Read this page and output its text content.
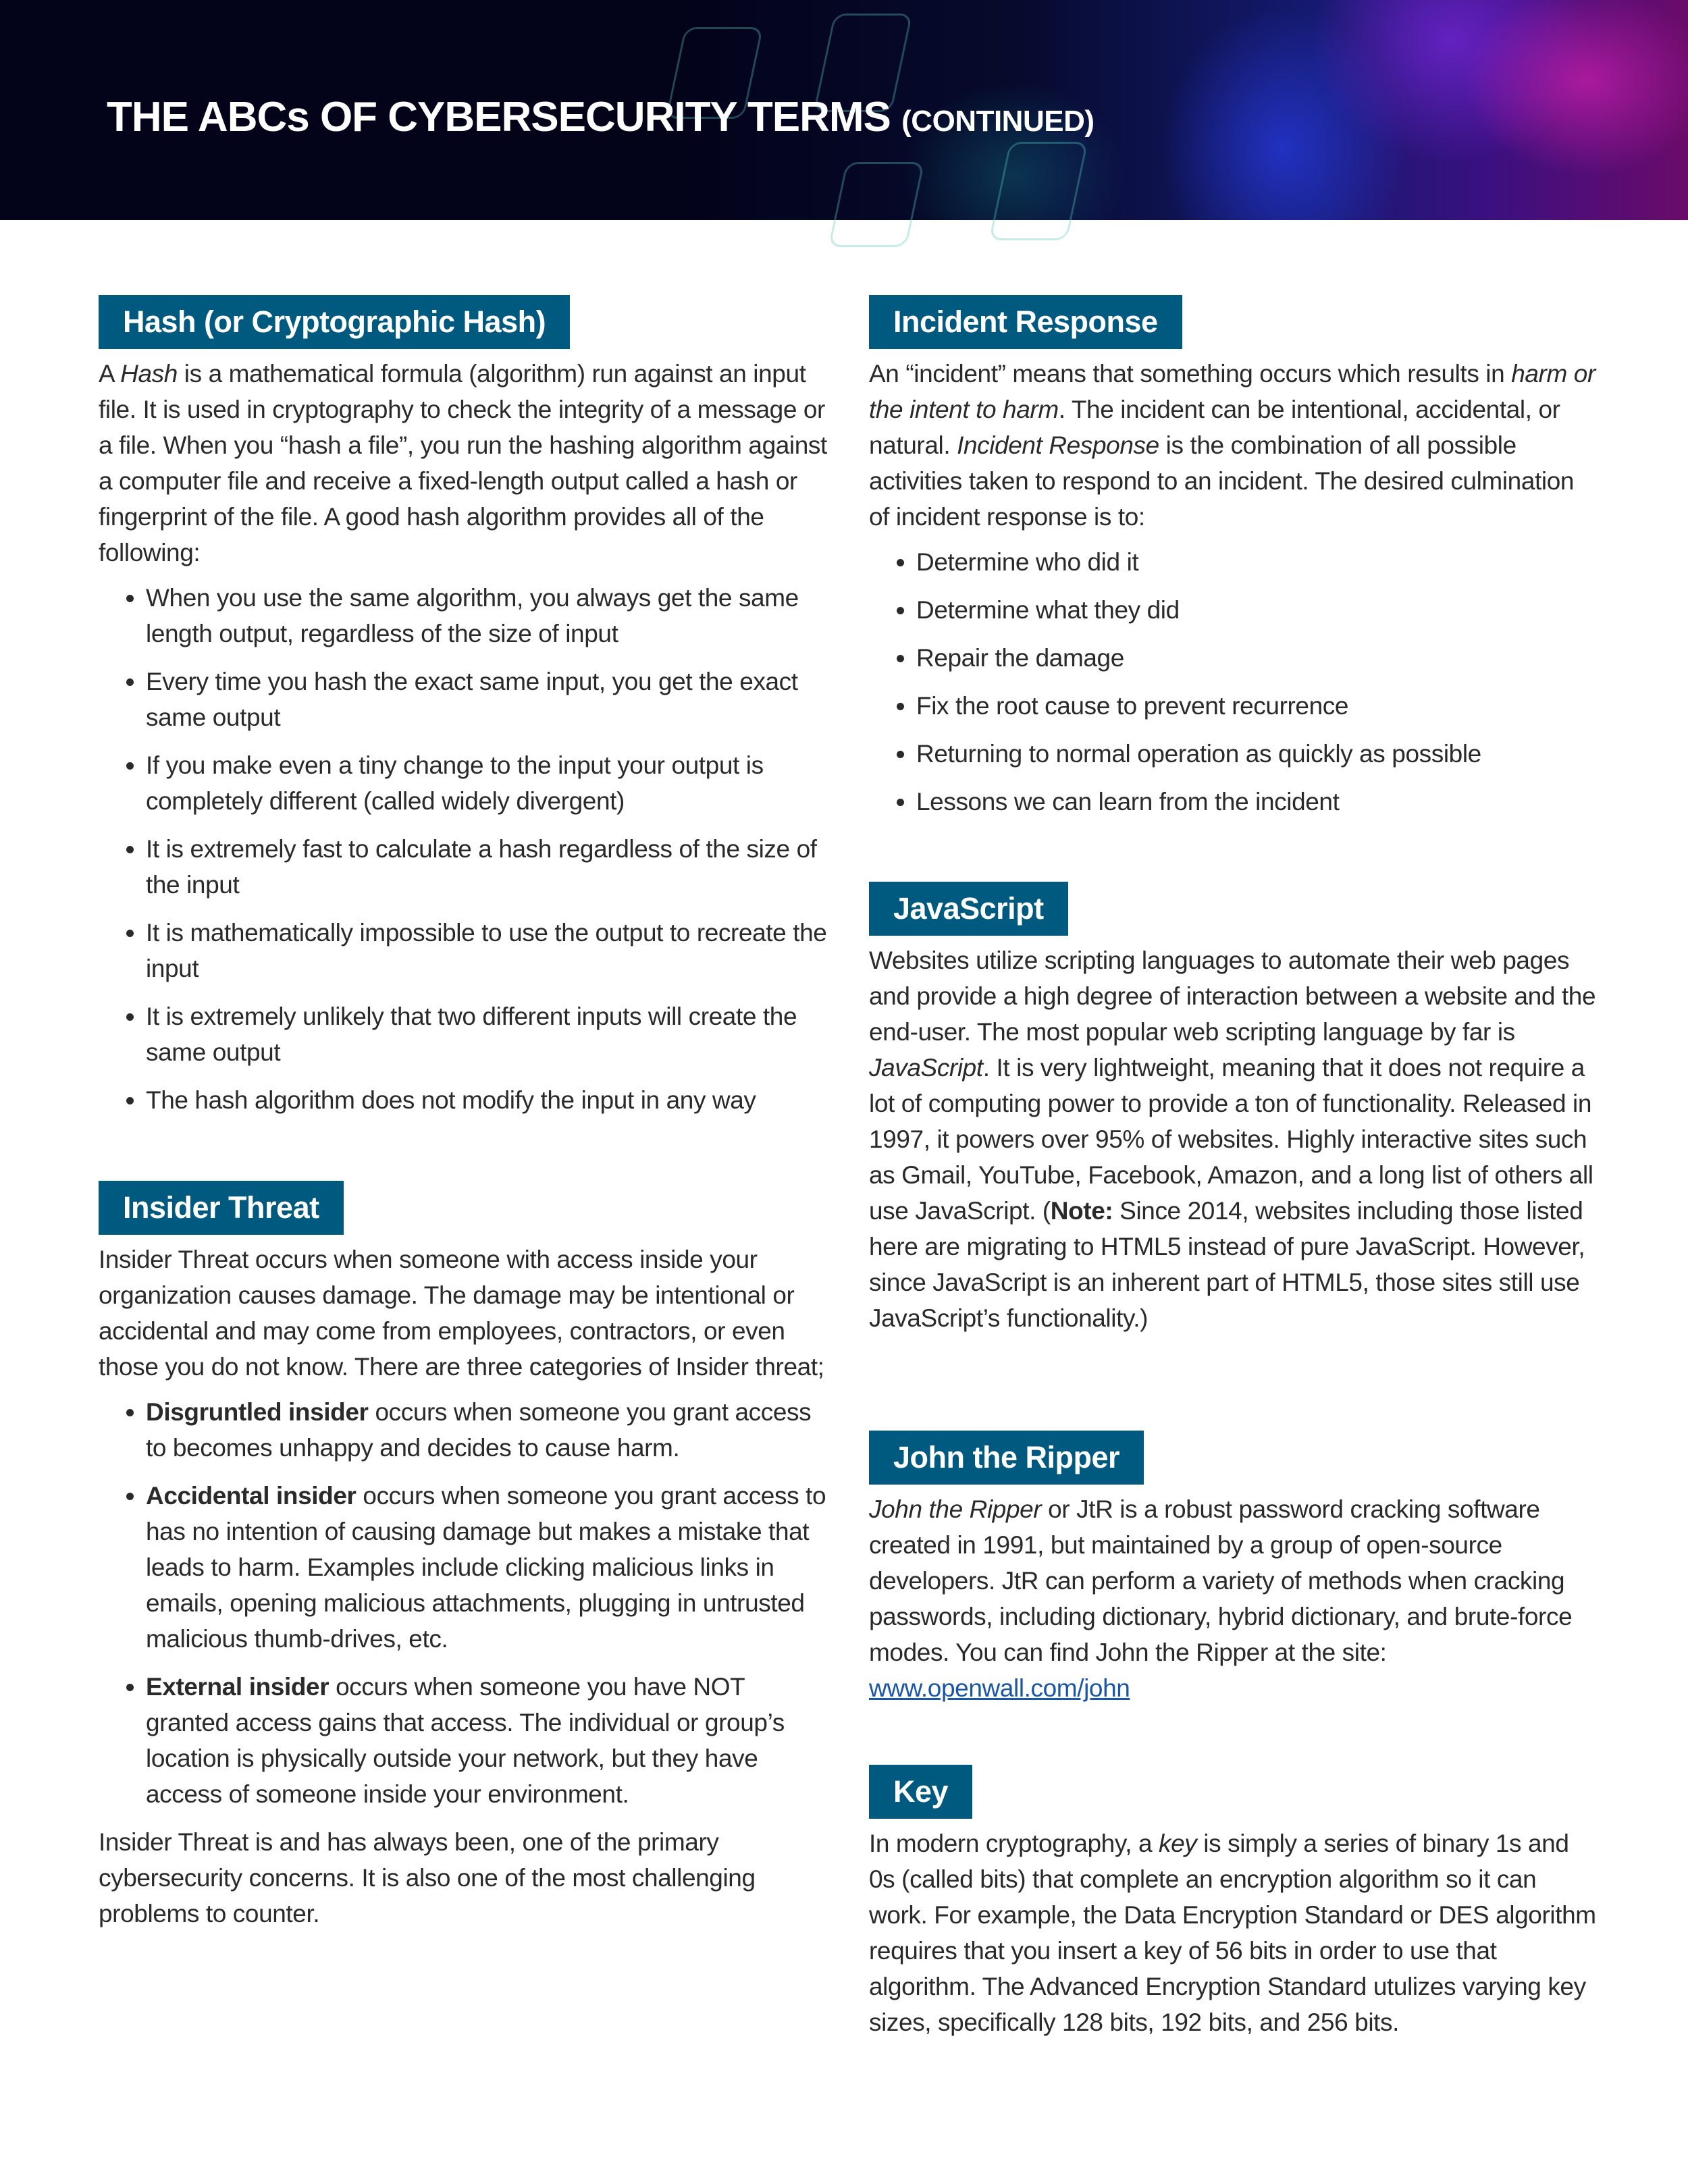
THE ABCs OF CYBERSECURITY TERMS (CONTINUED)
Hash (or Cryptographic Hash)

A Hash is a mathematical formula (algorithm) run against an input file. It is used in cryptography to check the integrity of a message or a file. When you “hash a file”, you run the hashing algorithm against a computer file and receive a fixed-length output called a hash or fingerprint of the file. A good hash algorithm provides all of the following:

• When you use the same algorithm, you always get the same length output, regardless of the size of input
• Every time you hash the exact same input, you get the exact same output
• If you make even a tiny change to the input your output is completely different (called widely divergent)
• It is extremely fast to calculate a hash regardless of the size of the input
• It is mathematically impossible to use the output to recreate the input
• It is extremely unlikely that two different inputs will create the same output
• The hash algorithm does not modify the input in any way
Insider Threat

Insider Threat occurs when someone with access inside your organization causes damage. The damage may be intentional or accidental and may come from employees, contractors, or even those you do not know. There are three categories of Insider threat;

• Disgruntled insider occurs when someone you grant access to becomes unhappy and decides to cause harm.
• Accidental insider occurs when someone you grant access to has no intention of causing damage but makes a mistake that leads to harm. Examples include clicking malicious links in emails, opening malicious attachments, plugging in untrusted malicious thumb-drives, etc.
• External insider occurs when someone you have NOT granted access gains that access. The individual or group’s location is physically outside your network, but they have access of someone inside your environment.

Insider Threat is and has always been, one of the primary cybersecurity concerns. It is also one of the most challenging problems to counter.

Incident Response

An “incident” means that something occurs which results in harm or the intent to harm. The incident can be intentional, accidental, or natural. Incident Response is the combination of all possible activities taken to respond to an incident. The desired culmination of incident response is to:

• Determine who did it
• Determine what they did
• Repair the damage
• Fix the root cause to prevent recurrence
• Returning to normal operation as quickly as possible
• Lessons we can learn from the incident
JavaScript

Websites utilize scripting languages to automate their web pages and provide a high degree of interaction between a website and the end-user. The most popular web scripting language by far is JavaScript. It is very lightweight, meaning that it does not require a lot of computing power to provide a ton of functionality. Released in 1997, it powers over 95% of websites. Highly interactive sites such as Gmail, YouTube, Facebook, Amazon, and a long list of others all use JavaScript. (Note: Since 2014, websites including those listed here are migrating to HTML5 instead of pure JavaScript. However, since JavaScript is an inherent part of HTML5, those sites still use JavaScript’s functionality.)

John the Ripper

John the Ripper or JtR is a robust password cracking software created in 1991, but maintained by a group of open-source developers. JtR can perform a variety of methods when cracking passwords, including dictionary, hybrid dictionary, and brute-force modes. You can find John the Ripper at the site: www.openwall.com/john

Key

In modern cryptography, a key is simply a series of binary 1s and 0s (called bits) that complete an encryption algorithm so it can work. For example, the Data Encryption Standard or DES algorithm requires that you insert a key of 56 bits in order to use that algorithm. The Advanced Encryption Standard utulizes varying key sizes, specifically 128 bits, 192 bits, and 256 bits.
